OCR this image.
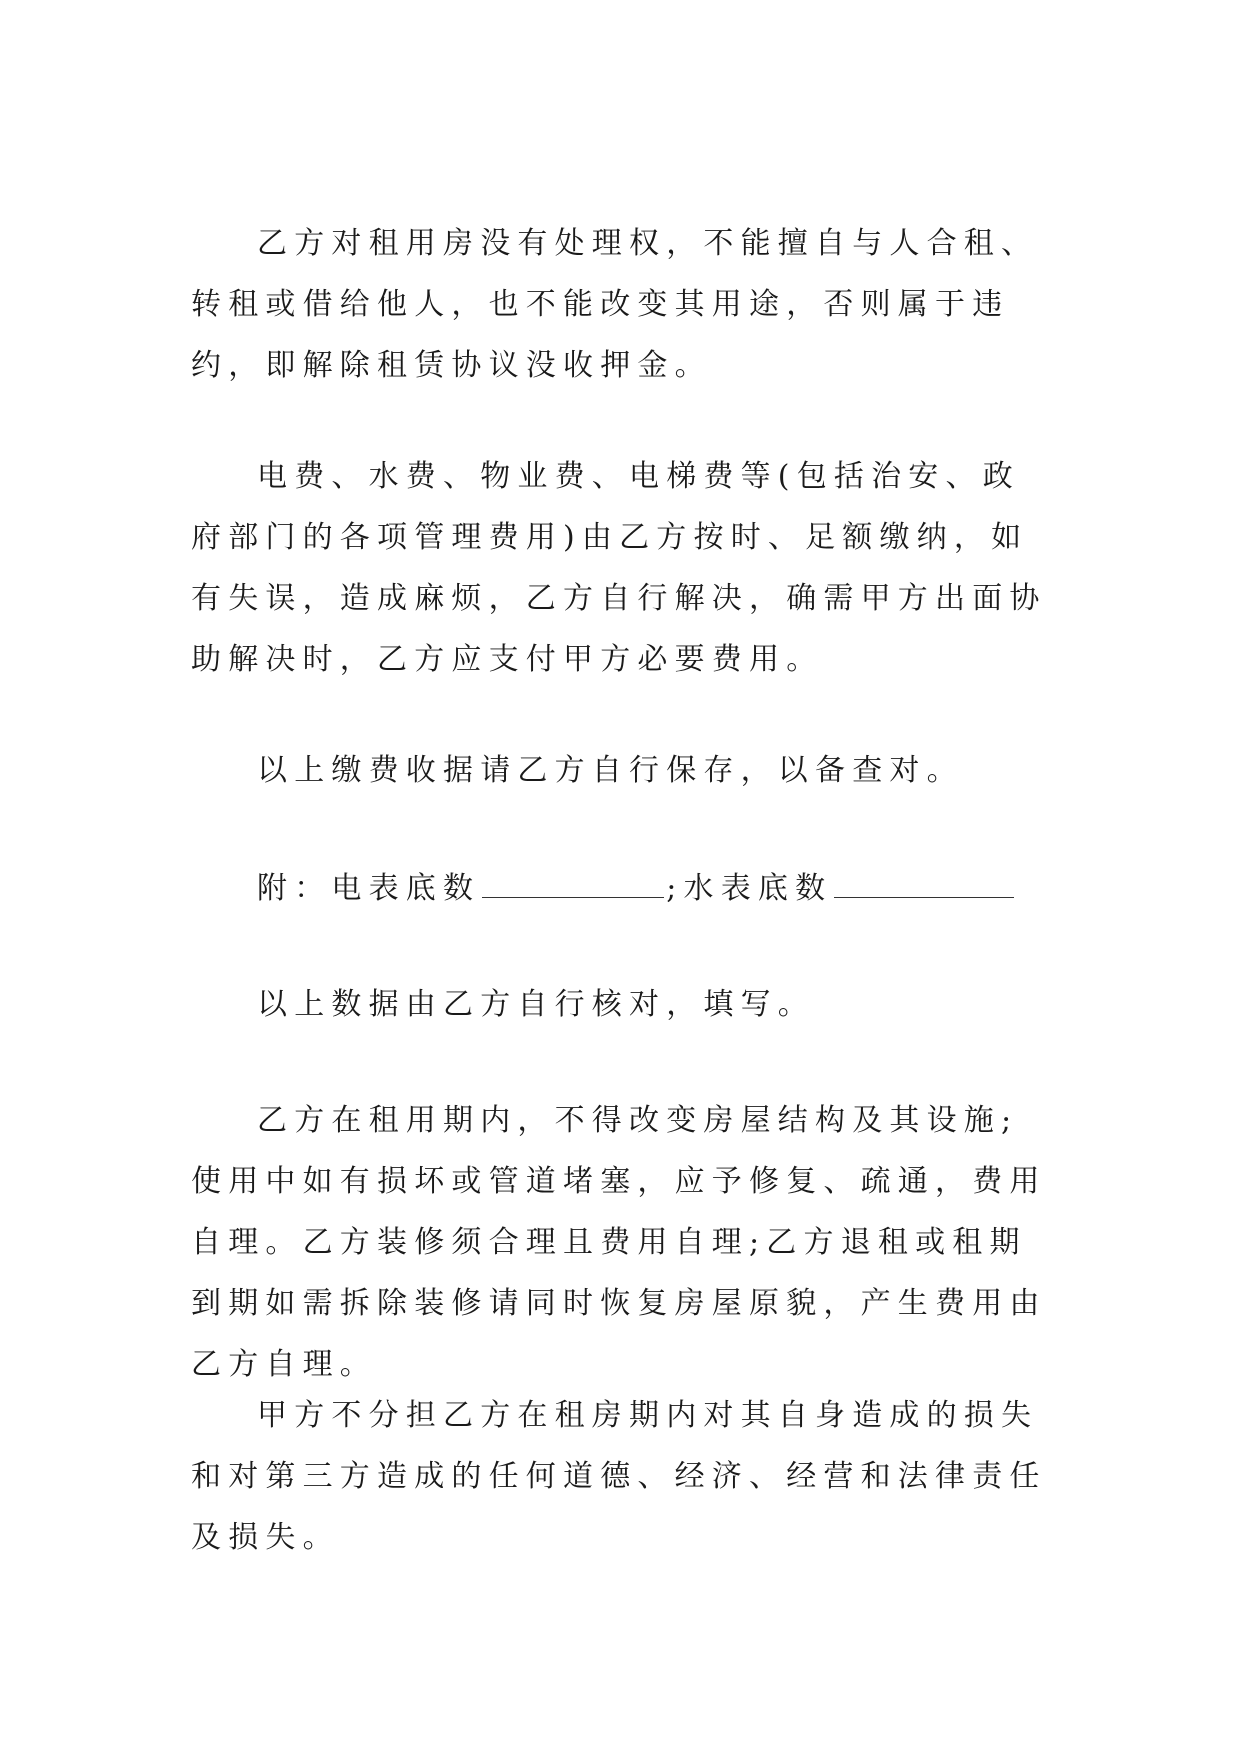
乙方对租用房没有处理权，不能擅自与人合租、转租或借给他人，也不能改变其用途，否则属于违约，即解除租赁协议没收押金。

电费、水费、物业费、电梯费等(包括治安、政府部门的各项管理费用)由乙方按时、足额缴纳，如有失误，造成麻烦，乙方自行解决，确需甲方出面协助解决时，乙方应支付甲方必要费用。

以上缴费收据请乙方自行保存，以备查对。

附：电表底数	;水表底数

以上数据由乙方自行核对，填写。

乙方在租用期内，不得改变房屋结构及其设施;使用中如有损坏或管道堵塞，应予修复、疏通，费用自理。乙方装修须合理且费用自理;乙方退租或租期到期如需拆除装修请同时恢复房屋原貌，产生费用由乙方自理。

甲方不分担乙方在租房期内对其自身造成的损失和对第三方造成的任何道德、经济、经营和法律责任及损失。
